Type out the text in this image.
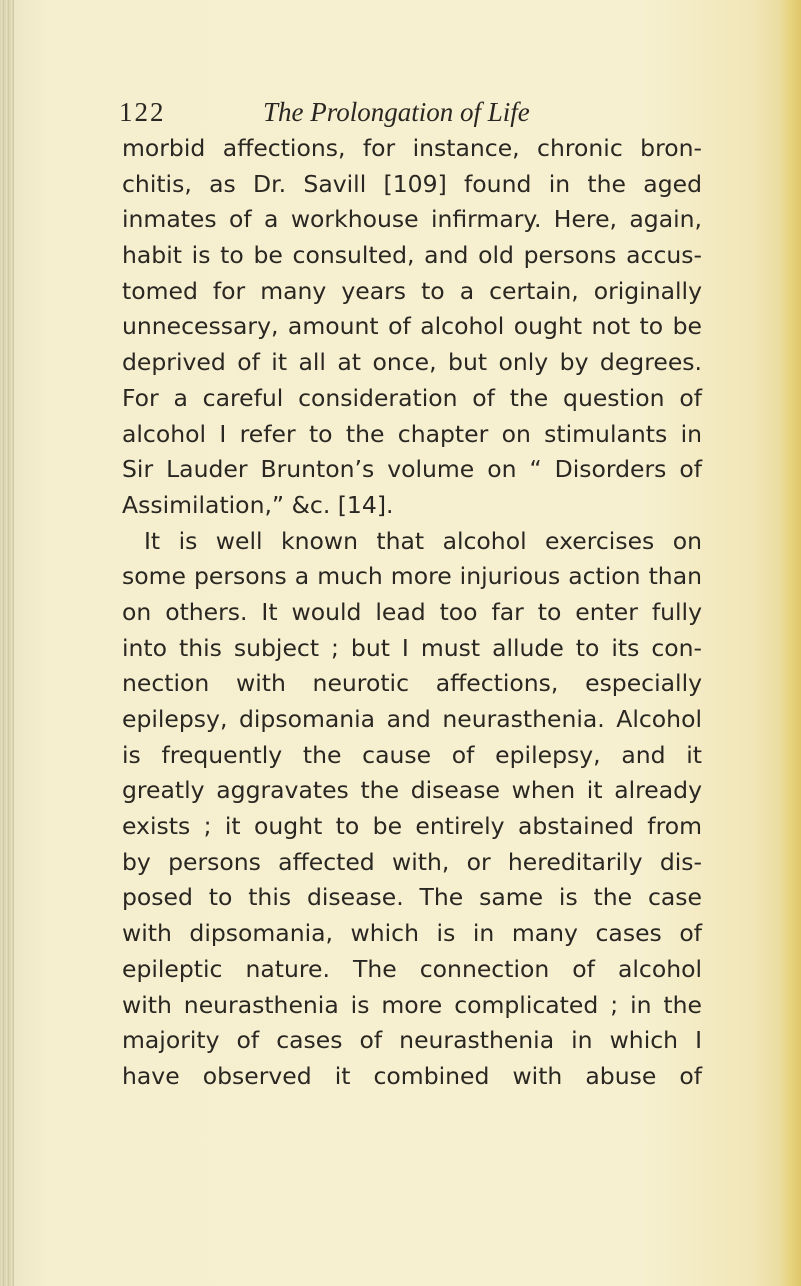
122	The Prolongation of Life
morbid affections, for instance, chronic bron-
chitis, as Dr. Savill [109] found in the aged
inmates of a workhouse infirmary. Here, again,
habit is to be consulted, and old persons accus-
tomed for many years to a certain, originally
unnecessary, amount of alcohol ought not to be
deprived of it all at once, but only by degrees.
For a careful consideration of the question of
alcohol I refer to the chapter on stimulants in
Sir Lauder Brunton’s volume on “ Disorders of
Assimilation,” &c. [14].
It is well known that alcohol exercises on
some persons a much more injurious action than
on others. It would lead too far to enter fully
into this subject ; but I must allude to its con-
nection with neurotic affections, especially
epilepsy, dipsomania and neurasthenia. Alcohol
is frequently the cause of epilepsy, and it
greatly aggravates the disease when it already
exists ; it ought to be entirely abstained from
by persons affected with, or hereditarily dis-
posed to this disease. The same is the case
with dipsomania, which is in many cases of
epileptic nature. The connection of alcohol
with neurasthenia is more complicated ; in the
majority of cases of neurasthenia in which I
have observed it combined with abuse of
